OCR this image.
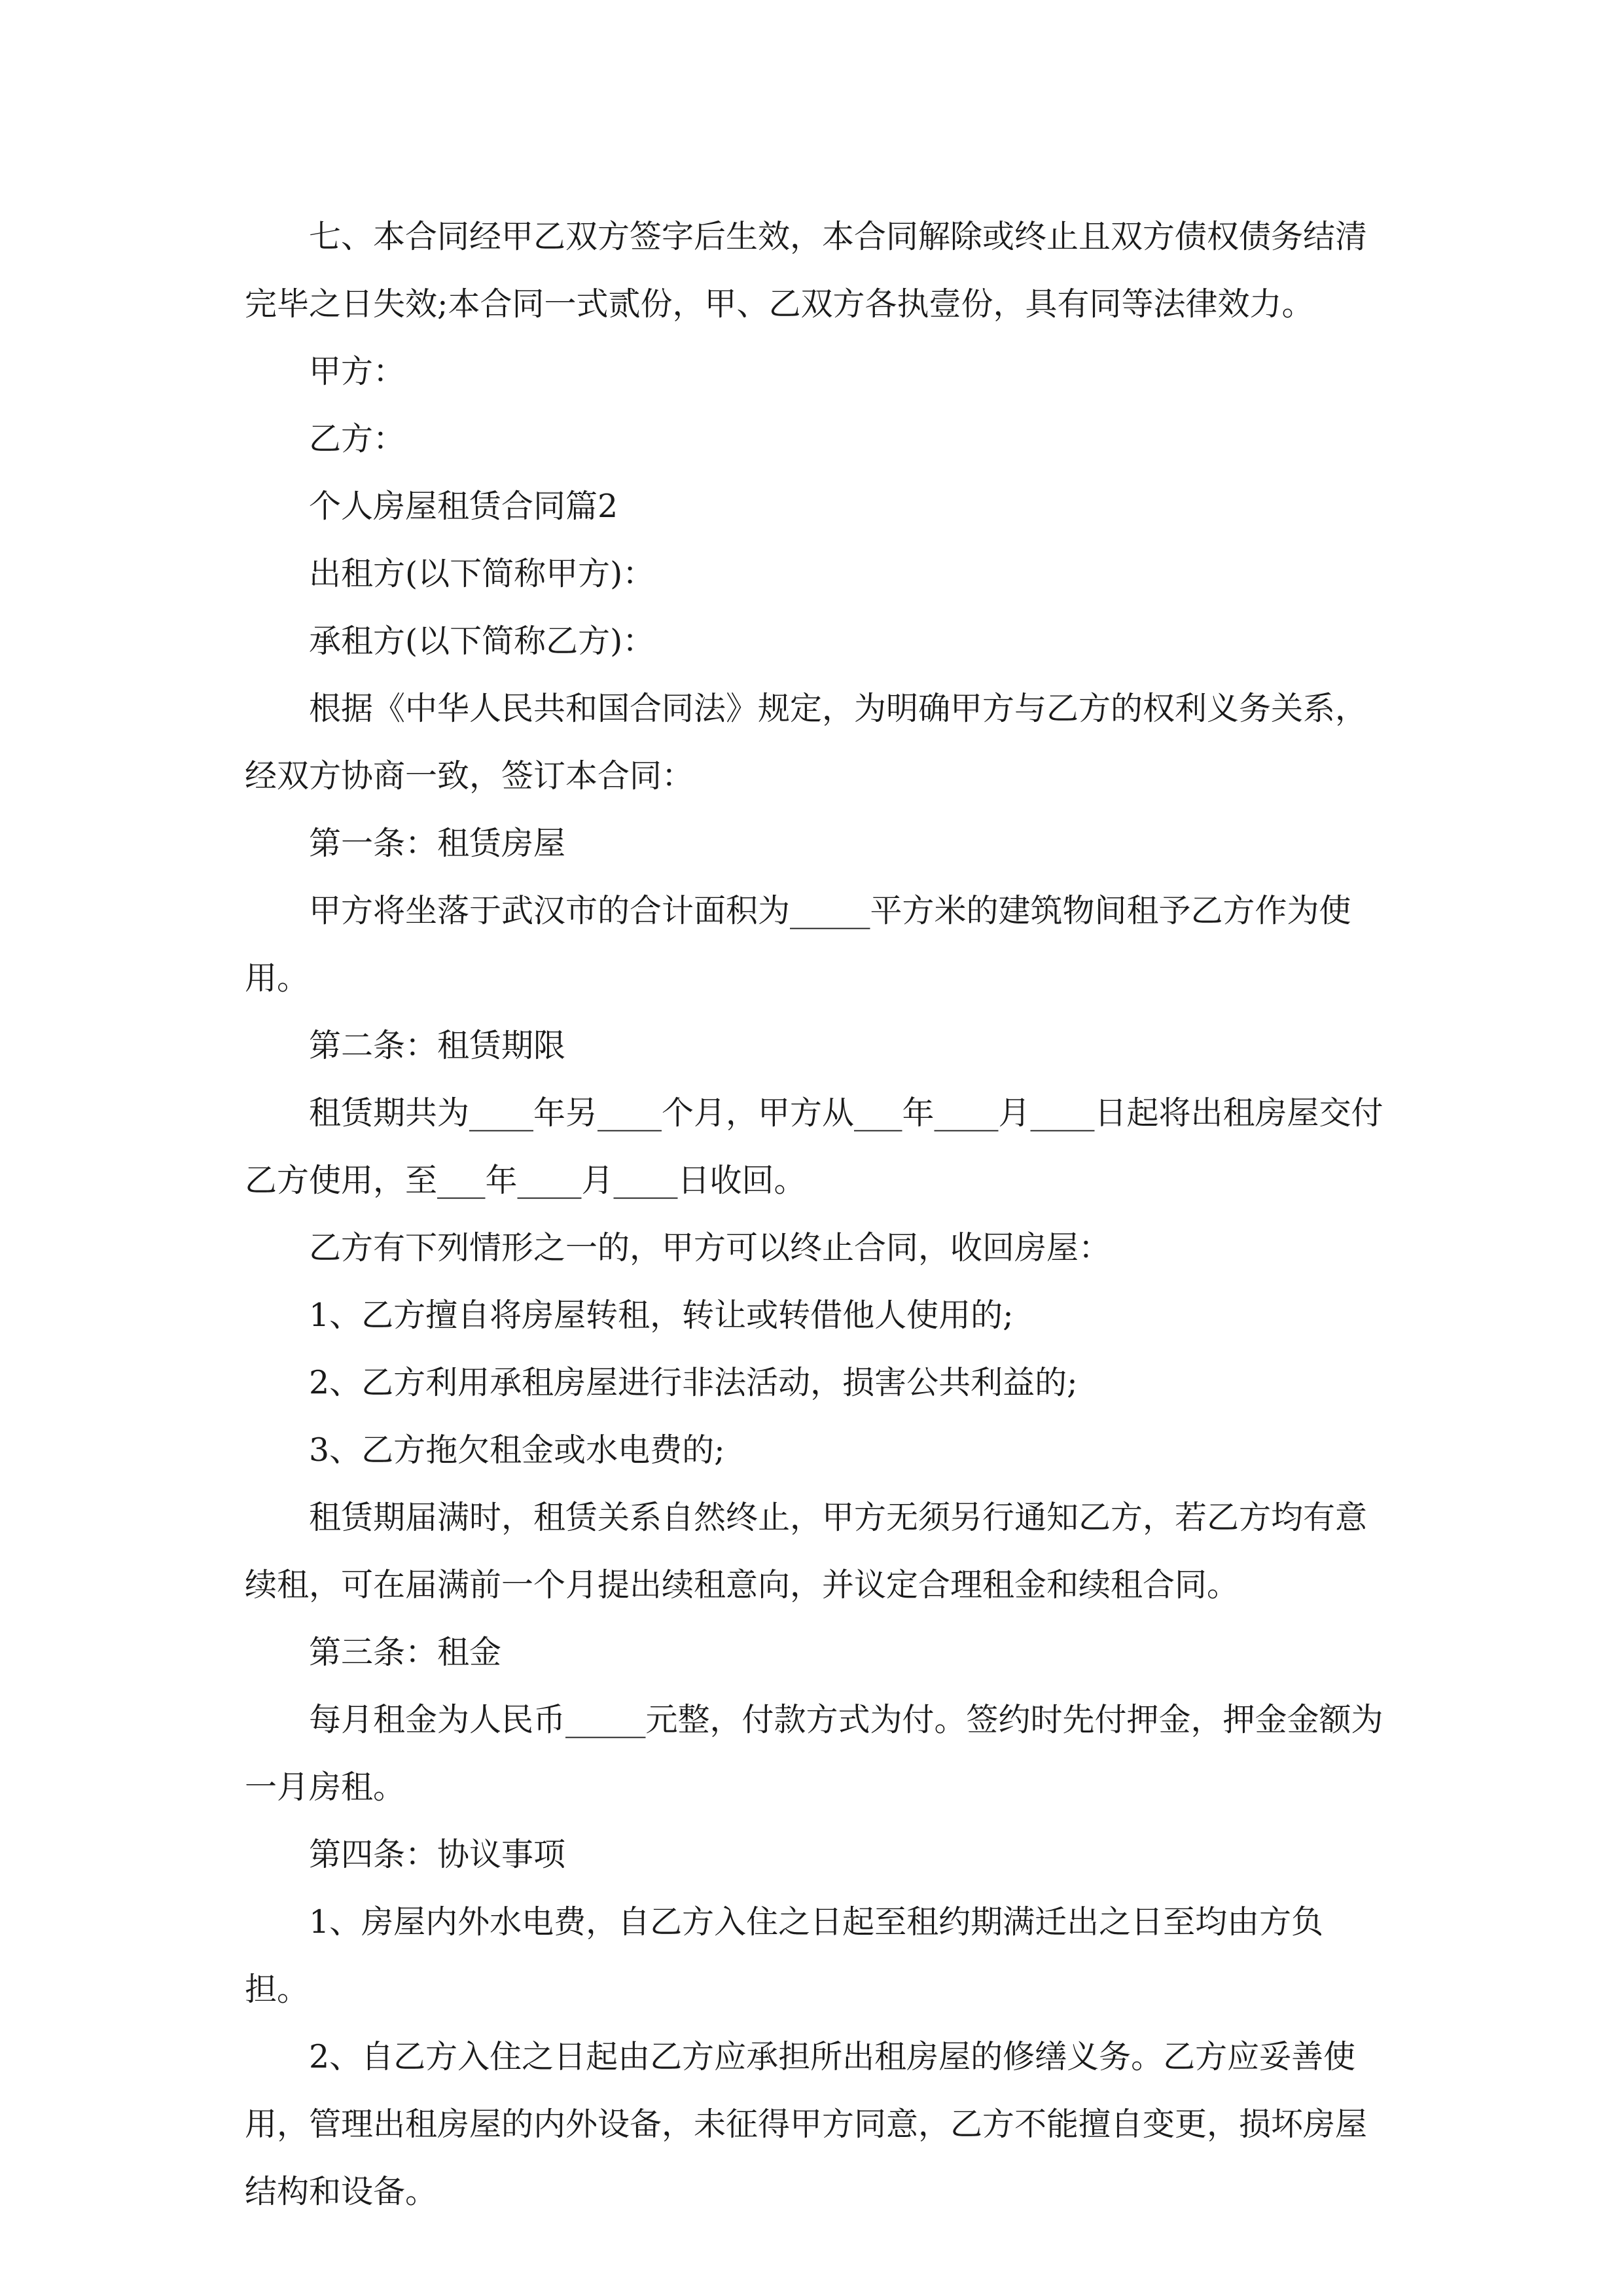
七、本合同经甲乙双方签字后生效，本合同解除或终止且双方债权债务结清完毕之日失效;本合同一式贰份，甲、乙双方各执壹份，具有同等法律效力。

甲方：

乙方：

个人房屋租赁合同篇2

出租方(以下简称甲方)：

承租方(以下简称乙方)：

根据《中华人民共和国合同法》规定，为明确甲方与乙方的权利义务关系，经双方协商一致，签订本合同：

第一条：租赁房屋

甲方将坐落于武汉市的合计面积为_____平方米的建筑物间租予乙方作为使用。

第二条：租赁期限

租赁期共为____年另____个月，甲方从___年____月____日起将出租房屋交付乙方使用，至___年____月____日收回。

乙方有下列情形之一的，甲方可以终止合同，收回房屋：

1、乙方擅自将房屋转租，转让或转借他人使用的;

2、乙方利用承租房屋进行非法活动，损害公共利益的;

3、乙方拖欠租金或水电费的;

租赁期届满时，租赁关系自然终止，甲方无须另行通知乙方，若乙方均有意续租，可在届满前一个月提出续租意向，并议定合理租金和续租合同。

第三条：租金

每月租金为人民币_____元整，付款方式为付。签约时先付押金，押金金额为一月房租。

第四条：协议事项

1、房屋内外水电费，自乙方入住之日起至租约期满迁出之日至均由方负担。

2、自乙方入住之日起由乙方应承担所出租房屋的修缮义务。乙方应妥善使用，管理出租房屋的内外设备，未征得甲方同意，乙方不能擅自变更，损坏房屋结构和设备。
